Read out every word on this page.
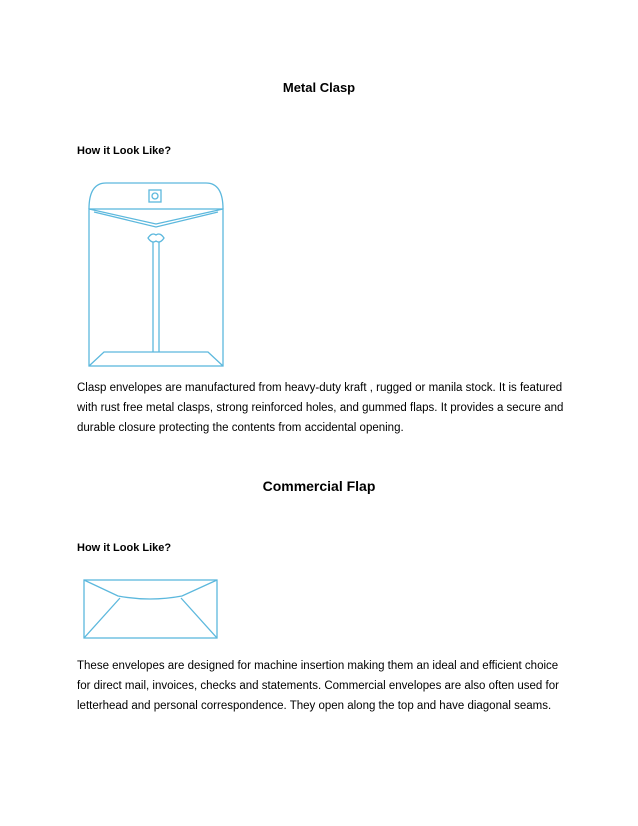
Metal Clasp
How it Look Like?

Clasp envelopes are manufactured from heavy-duty kraft , rugged or manila stock. It is featured with rust free metal clasps, strong reinforced holes, and gummed flaps. It provides a secure and durable closure protecting the contents from accidental opening.

Commercial Flap
How it Look Like?

These envelopes are designed for machine insertion making them an ideal and efficient choice for direct mail, invoices, checks and statements. Commercial envelopes are also often used for letterhead and personal correspondence. They open along the top and have diagonal seams.
